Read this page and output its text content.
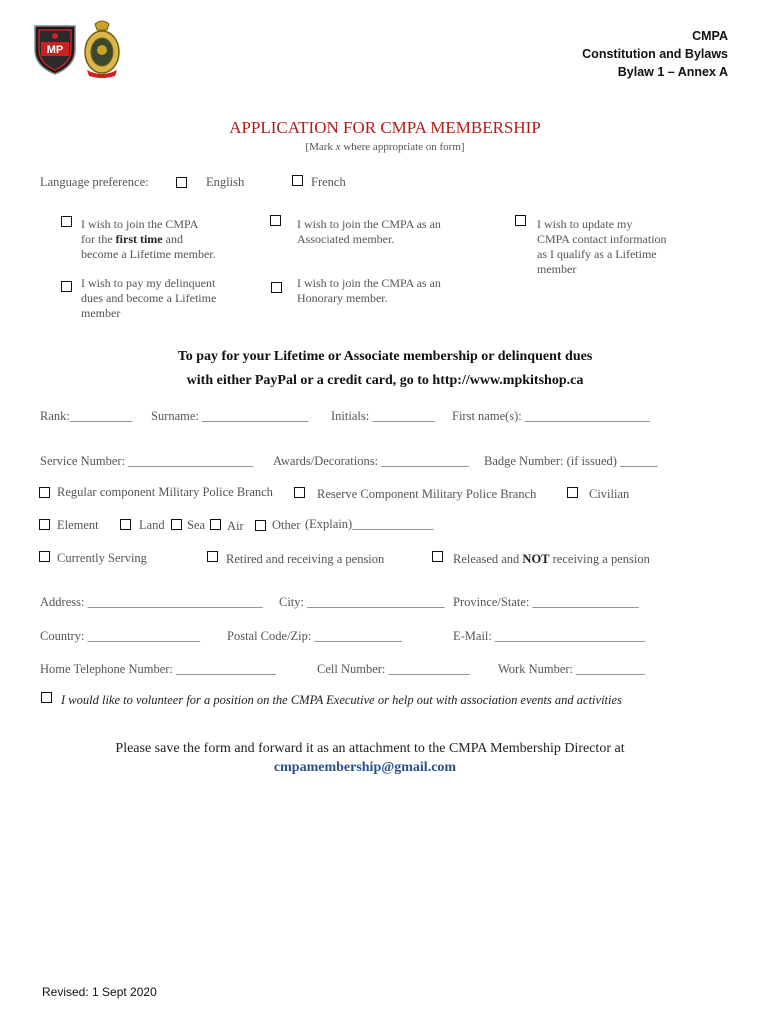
MP
CMPA
Constitution and Bylaws
Bylaw 1 – Annex A
APPLICATION FOR CMPA MEMBERSHIP
[Mark x where appropriate on form]
Language preference:	English	French
I wish to join the CMPA
for the first time and
become a Lifetime member.
I wish to join the CMPA as an
Associated member.
I wish to update my
CMPA contact information
as I qualify as a Lifetime
member
I wish to pay my delinquent
dues and become a Lifetime
member
I wish to join the CMPA as an
Honorary member.
To pay for your Lifetime or Associate membership or delinquent dues
with either PayPal or a credit card, go to http://www.mpkitshop.ca
Rank:__________ Surname: _________________ Initials: __________ First name(s): ____________________
Service Number: ____________________ Awards/Decorations: ______________ Badge Number: (if issued) ______
Regular component Military Police Branch	Reserve Component Military Police Branch	Civilian
Element	Land Sea Air Other (Explain)_____________
Currently Serving	Retired and receiving a pension	Released and NOT receiving a pension
Address: ____________________________ City: ______________________ Province/State: _________________
Country: __________________ Postal Code/Zip: ______________	E-Mail: ________________________
Home Telephone Number: ________________	Cell Number: _____________ Work Number: ___________
I would like to volunteer for a position on the CMPA Executive or help out with association events and activities
Please save the form and forward it as an attachment to the CMPA Membership Director at
cmpamembership@gmail.com
Revised: 1 Sept 2020
